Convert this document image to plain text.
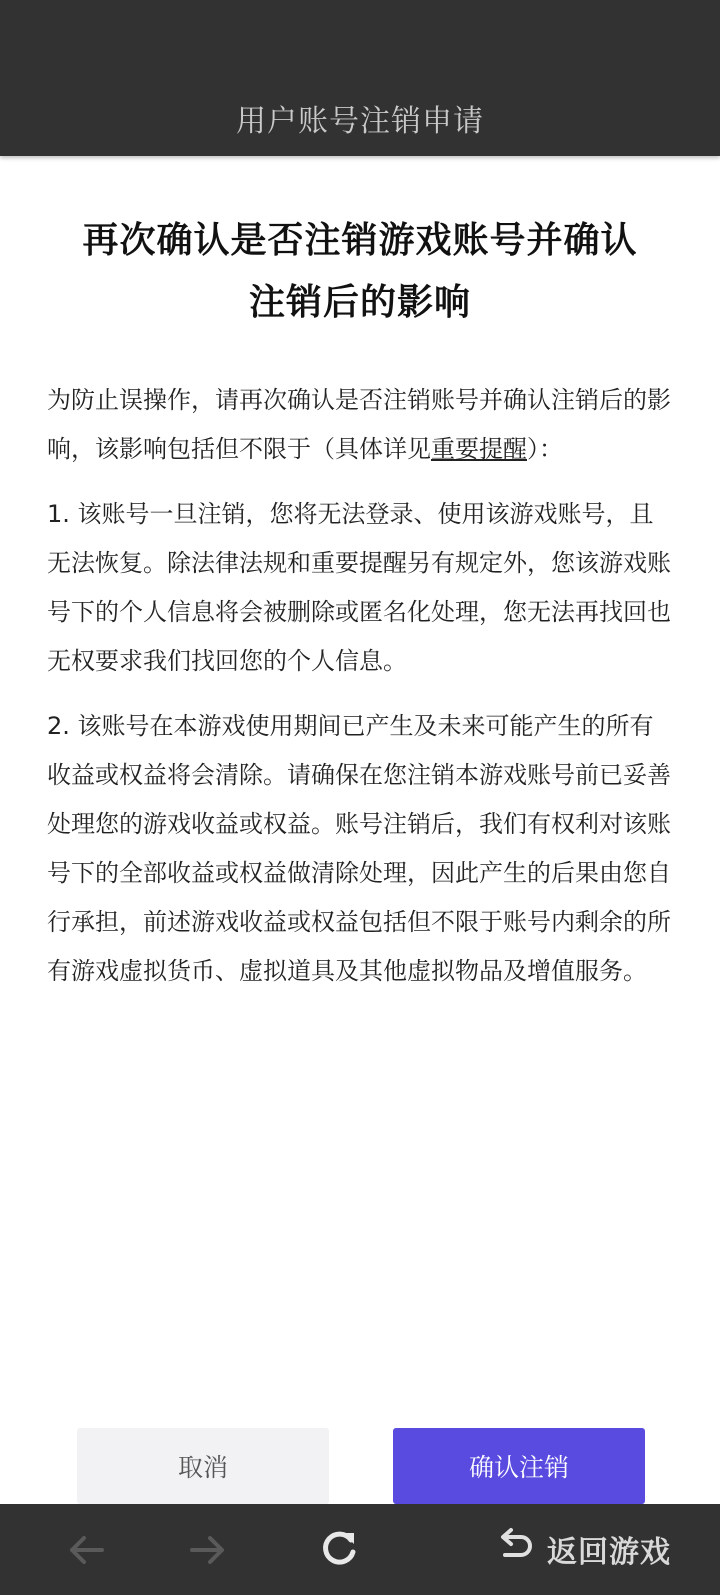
用户账号注销申请
再次确认是否注销游戏账号并确认
注销后的影响

为防止误操作，请再次确认是否注销账号并确认注销后的影响，该影响包括但不限于（具体详见重要提醒）：

1. 该账号一旦注销，您将无法登录、使用该游戏账号，且无法恢复。除法律法规和重要提醒另有规定外，您该游戏账号下的个人信息将会被删除或匿名化处理，您无法再找回也无权要求我们找回您的个人信息。

2. 该账号在本游戏使用期间已产生及未来可能产生的所有收益或权益将会清除。请确保在您注销本游戏账号前已妥善处理您的游戏收益或权益。账号注销后，我们有权利对该账号下的全部收益或权益做清除处理，因此产生的后果由您自行承担，前述游戏收益或权益包括但不限于账号内剩余的所有游戏虚拟货币、虚拟道具及其他虚拟物品及增值服务。

取消	确认注销
返回游戏
